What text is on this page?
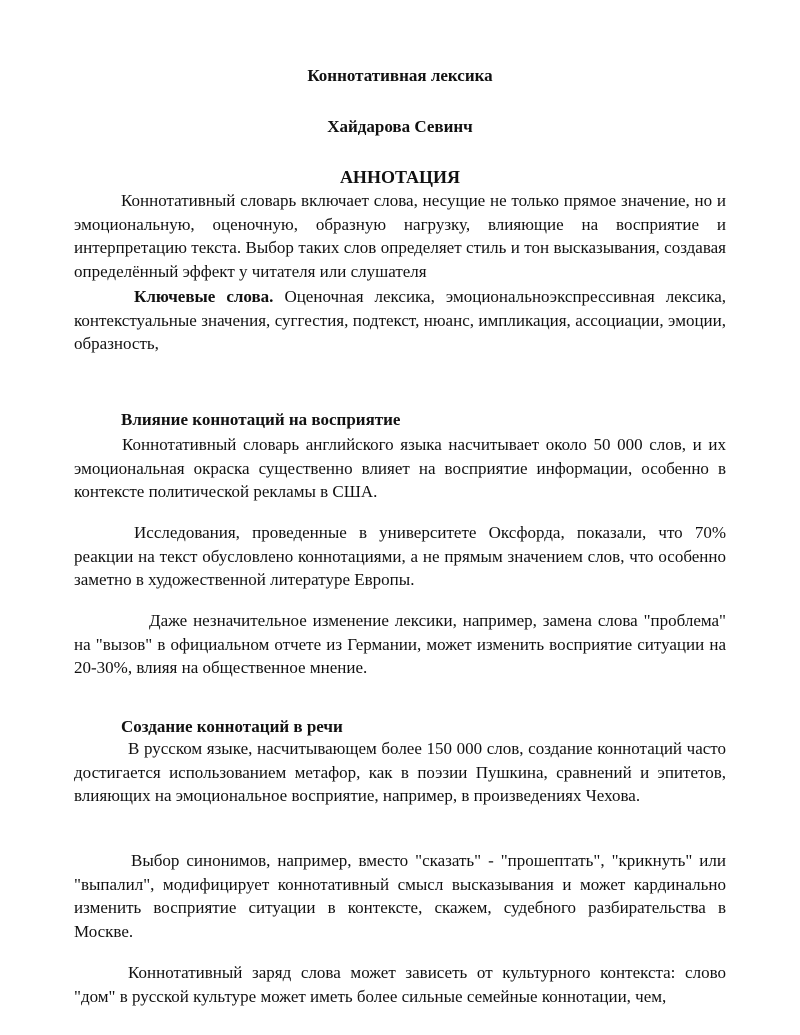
Коннотативная лексика
Хайдарова Севинч
АННОТАЦИЯ

Коннотативный словарь включает слова, несущие не только прямое значение, но и эмоциональную, оценочную, образную нагрузку, влияющие на восприятие и интерпретацию текста. Выбор таких слов определяет стиль и тон высказывания, создавая определённый эффект у читателя или слушателя

Ключевые слова. Оценочная лексика, эмоциональноэкспрессивная лексика, контекстуальные значения, суггестия, подтекст, нюанс, импликация, ассоциации, эмоции, образность,

Влияние коннотаций на восприятие

Коннотативный словарь английского языка насчитывает около 50 000 слов, и их эмоциональная окраска существенно влияет на восприятие информации, особенно в контексте политической рекламы в США.

Исследования, проведенные в университете Оксфорда, показали, что 70% реакции на текст обусловлено коннотациями, а не прямым значением слов, что особенно заметно в художественной литературе Европы.

Даже незначительное изменение лексики, например, замена слова "проблема" на "вызов" в официальном отчете из Германии, может изменить восприятие ситуации на 20-30%, влияя на общественное мнение.

Создание коннотаций в речи

В русском языке, насчитывающем более 150 000 слов, создание коннотаций часто достигается использованием метафор, как в поэзии Пушкина, сравнений и эпитетов, влияющих на эмоциональное восприятие, например, в произведениях Чехова.

Выбор синонимов, например, вместо "сказать" - "прошептать", "крикнуть" или "выпалил", модифицирует коннотативный смысл высказывания и может кардинально изменить восприятие ситуации в контексте, скажем, судебного разбирательства в Москве.

Коннотативный заряд слова может зависеть от культурного контекста: слово "дом" в русской культуре может иметь более сильные семейные коннотации, чем,
